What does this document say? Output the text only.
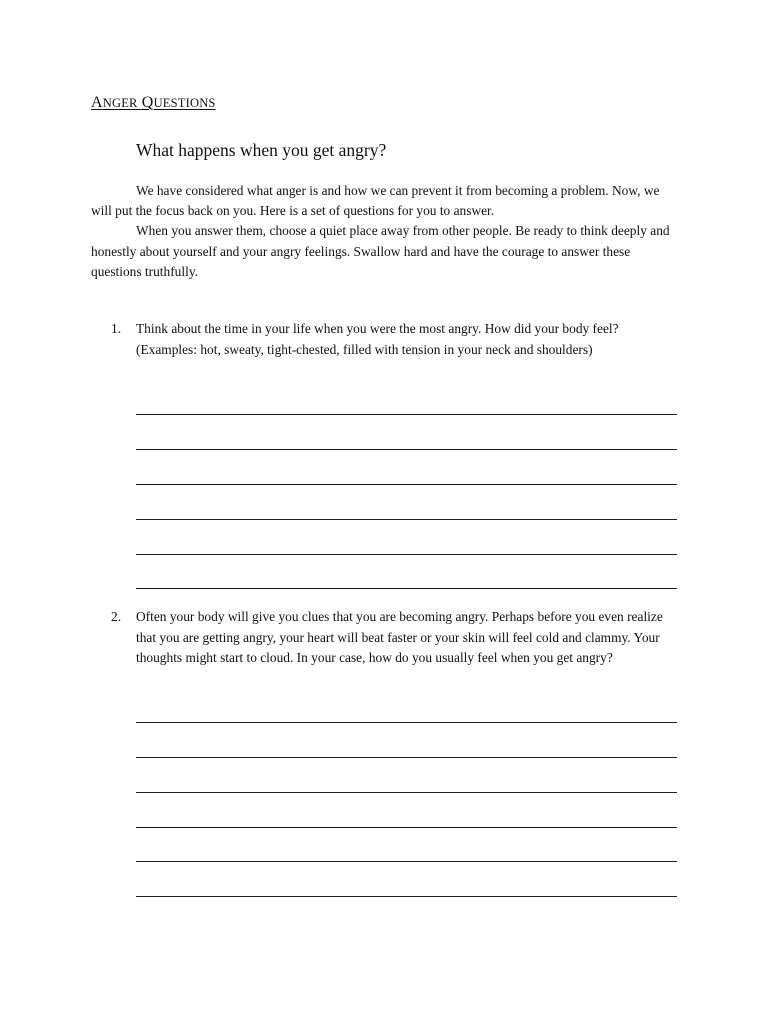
ANGER QUESTIONS
What happens when you get angry?

We have considered what anger is and how we can prevent it from becoming a problem. Now, we will put the focus back on you. Here is a set of questions for you to answer.

When you answer them, choose a quiet place away from other people. Be ready to think deeply and honestly about yourself and your angry feelings. Swallow hard and have the courage to answer these questions truthfully.

1. Think about the time in your life when you were the most angry. How did your body feel? (Examples: hot, sweaty, tight-chested, filled with tension in your neck and shoulders)
2. Often your body will give you clues that you are becoming angry. Perhaps before you even realize that you are getting angry, your heart will beat faster or your skin will feel cold and clammy. Your thoughts might start to cloud. In your case, how do you usually feel when you get angry?
